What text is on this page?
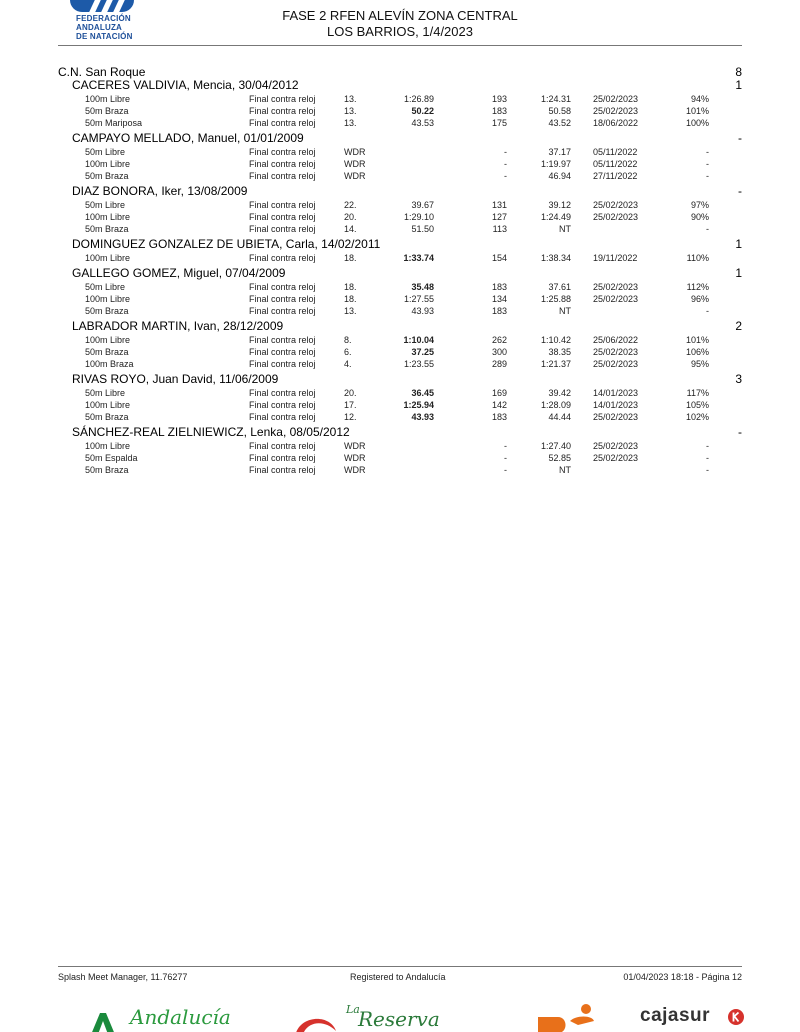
FEDERACIÓN
ANDALUZA
DE NATACIÓN
FASE 2 RFEN ALEVÍN ZONA CENTRAL
LOS BARRIOS, 1/4/2023
C.N. San Roque	8
CACERES VALDIVIA, Mencia, 30/04/2012	1
100m Libre	Final contra reloj	13.	1:26.89	193	1:24.31 25/02/2023	94%
50m Braza	Final contra reloj	13.	50.22	183	50.58 25/02/2023	101%
50m Mariposa	Final contra reloj	13.	43.53	175	43.52 18/06/2022	100%
CAMPAYO MELLADO, Manuel, 01/01/2009	-
50m Libre	Final contra reloj	WDR	-	37.17 05/11/2022	-
100m Libre	Final contra reloj	WDR	-	1:19.97 05/11/2022	-
50m Braza	Final contra reloj	WDR	-	46.94 27/11/2022	-
DIAZ BONORA, Iker, 13/08/2009	-
50m Libre	Final contra reloj	22.	39.67	131	39.12 25/02/2023	97%
100m Libre	Final contra reloj	20.	1:29.10	127	1:24.49 25/02/2023	90%
50m Braza	Final contra reloj	14.	51.50	113	NT	-
DOMINGUEZ GONZALEZ DE UBIETA, Carla, 14/02/2011	1
100m Libre	Final contra reloj	18.	1:33.74	154	1:38.34 19/11/2022	110%
GALLEGO GOMEZ, Miguel, 07/04/2009	1
50m Libre	Final contra reloj	18.	35.48	183	37.61 25/02/2023	112%
100m Libre	Final contra reloj	18.	1:27.55	134	1:25.88 25/02/2023	96%
50m Braza	Final contra reloj	13.	43.93	183	NT	-
LABRADOR MARTIN, Ivan, 28/12/2009	2
100m Libre	Final contra reloj	8.	1:10.04	262	1:10.42 25/06/2022	101%
50m Braza	Final contra reloj	6.	37.25	300	38.35 25/02/2023	106%
100m Braza	Final contra reloj	4.	1:23.55	289	1:21.37 25/02/2023	95%
RIVAS ROYO, Juan David, 11/06/2009	3
50m Libre	Final contra reloj	20.	36.45	169	39.42 14/01/2023	117%
100m Libre	Final contra reloj	17.	1:25.94	142	1:28.09 14/01/2023	105%
50m Braza	Final contra reloj	12.	43.93	183	44.44 25/02/2023	102%
SÁNCHEZ-REAL ZIELNIEWICZ, Lenka, 08/05/2012	-
100m Libre	Final contra reloj	WDR	-	1:27.40 25/02/2023	-
50m Espalda	Final contra reloj	WDR	-	52.85 25/02/2023	-
50m Braza	Final contra reloj	WDR	-	NT	-
Splash Meet Manager, 11.76277	Registered to Andalucía	01/04/2023 18:18 - Página 12
Andalucía	La
Reserva	cajasur
